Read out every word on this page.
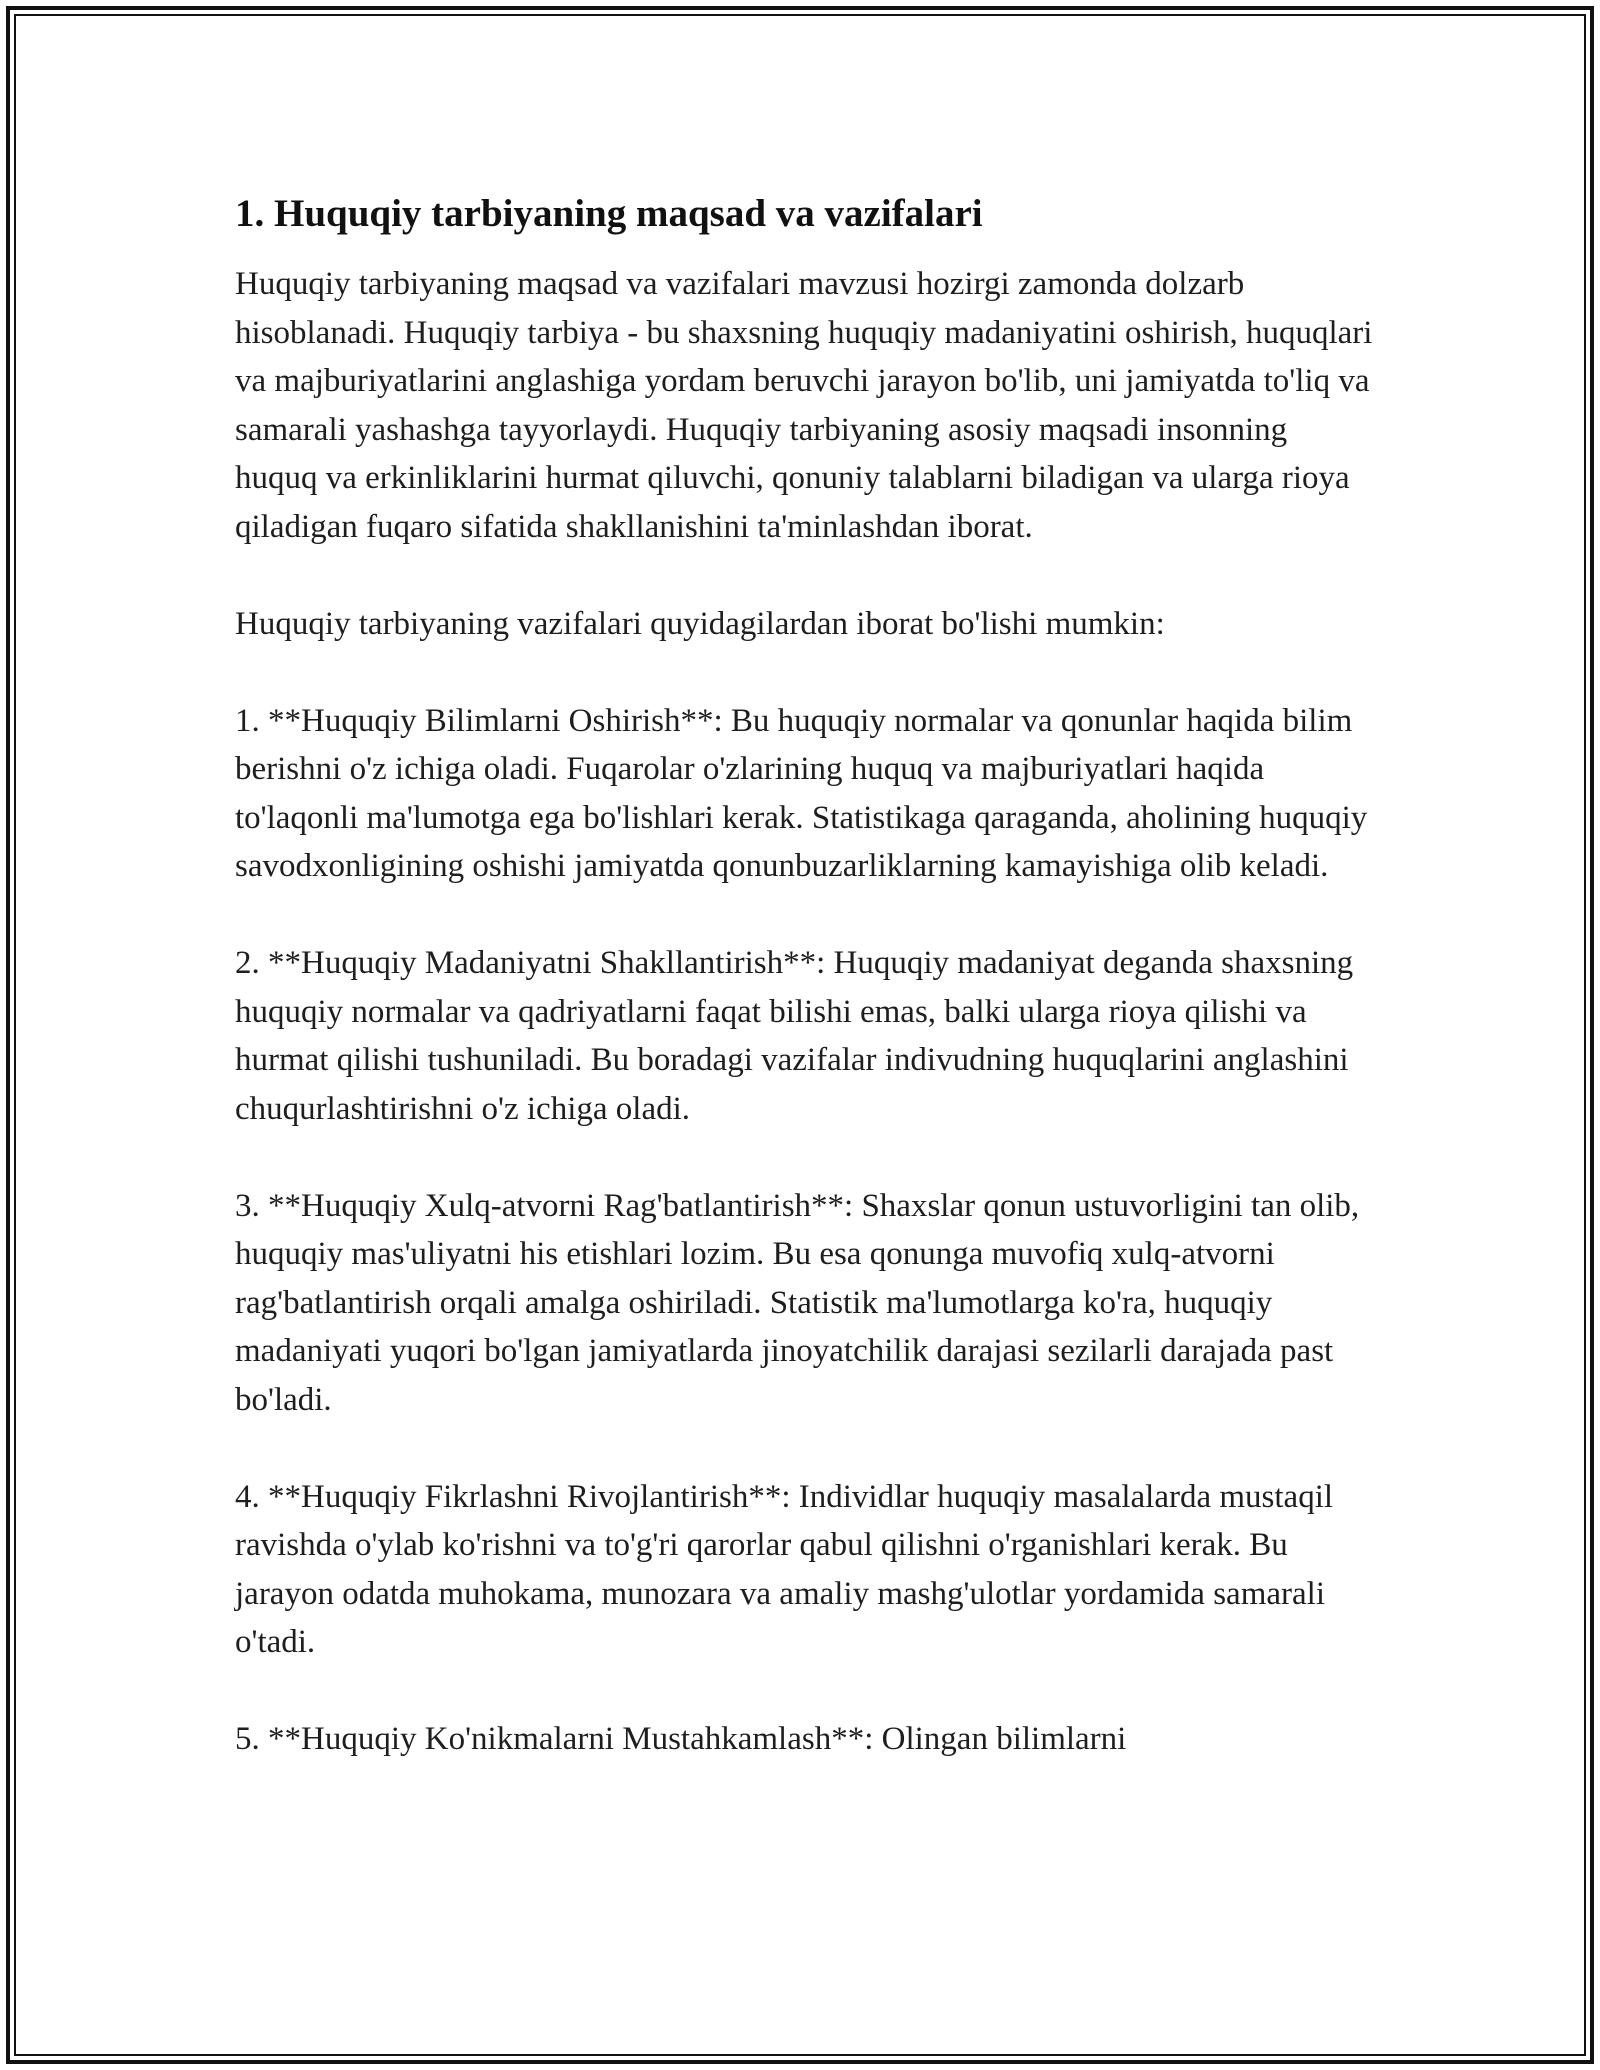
1. Huquqiy tarbiyaning maqsad va vazifalari

Huquqiy tarbiyaning maqsad va vazifalari mavzusi hozirgi zamonda dolzarb hisoblanadi. Huquqiy tarbiya - bu shaxsning huquqiy madaniyatini oshirish, huquqlari va majburiyatlarini anglashiga yordam beruvchi jarayon bo'lib, uni jamiyatda to'liq va samarali yashashga tayyorlaydi. Huquqiy tarbiyaning asosiy maqsadi insonning huquq va erkinliklarini hurmat qiluvchi, qonuniy talablarni biladigan va ularga rioya qiladigan fuqaro sifatida shakllanishini ta'minlashdan iborat.

Huquqiy tarbiyaning vazifalari quyidagilardan iborat bo'lishi mumkin:

1. **Huquqiy Bilimlarni Oshirish**: Bu huquqiy normalar va qonunlar haqida bilim berishni o'z ichiga oladi. Fuqarolar o'zlarining huquq va majburiyatlari haqida to'laqonli ma'lumotga ega bo'lishlari kerak. Statistikaga qaraganda, aholining huquqiy savodxonligining oshishi jamiyatda qonunbuzarliklarning kamayishiga olib keladi.

2. **Huquqiy Madaniyatni Shakllantirish**: Huquqiy madaniyat deganda shaxsning huquqiy normalar va qadriyatlarni faqat bilishi emas, balki ularga rioya qilishi va hurmat qilishi tushuniladi. Bu boradagi vazifalar indivudning huquqlarini anglashini chuqurlashtirishni o'z ichiga oladi.

3. **Huquqiy Xulq-atvorni Rag'batlantirish**: Shaxslar qonun ustuvorligini tan olib, huquqiy mas'uliyatni his etishlari lozim. Bu esa qonunga muvofiq xulq-atvorni rag'batlantirish orqali amalga oshiriladi. Statistik ma'lumotlarga ko'ra, huquqiy madaniyati yuqori bo'lgan jamiyatlarda jinoyatchilik darajasi sezilarli darajada past bo'ladi.

4. **Huquqiy Fikrlashni Rivojlantirish**: Individlar huquqiy masalalarda mustaqil ravishda o'ylab ko'rishni va to'g'ri qarorlar qabul qilishni o'rganishlari kerak. Bu jarayon odatda muhokama, munozara va amaliy mashg'ulotlar yordamida samarali o'tadi.

5. **Huquqiy Ko'nikmalarni Mustahkamlash**: Olingan bilimlarni
